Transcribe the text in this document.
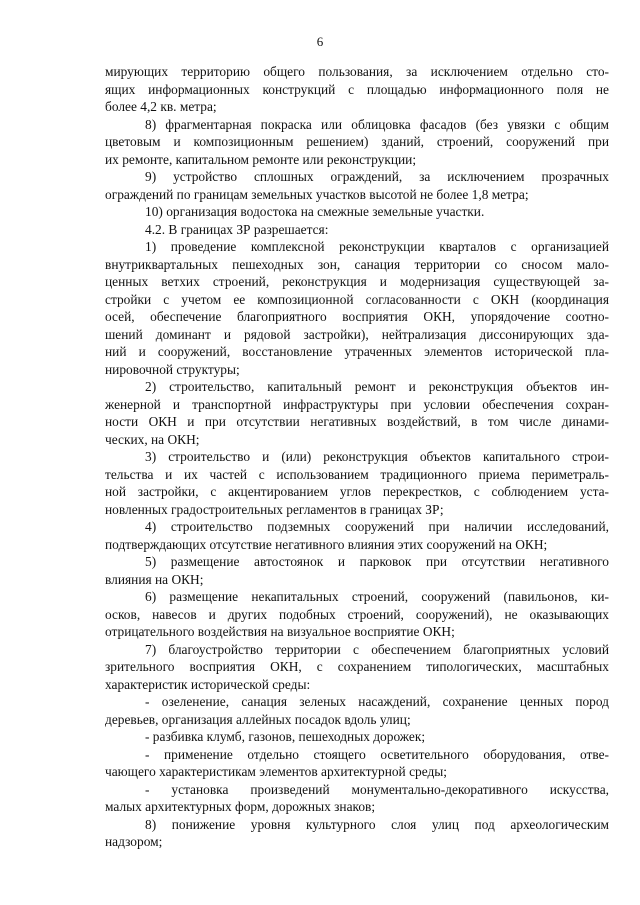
6

мирующих территорию общего пользования, за исключением отдельно сто-

ящих информационных конструкций с площадью информационного поля не

более 4,2 кв. метра;

8) фрагментарная покраска или облицовка фасадов (без увязки с общим

цветовым и композиционным решением) зданий, строений, сооружений при

их ремонте, капитальном ремонте или реконструкции;

9) устройство сплошных ограждений, за исключением прозрачных

ограждений по границам земельных участков высотой не более 1,8 метра;

10) организация водостока на смежные земельные участки.

4.2. В границах ЗР разрешается:

1) проведение комплексной реконструкции кварталов с организацией

внутриквартальных пешеходных зон, санация территории со сносом мало-

ценных ветхих строений, реконструкция и модернизация существующей за-

стройки с учетом ее композиционной согласованности с ОКН (координация

осей, обеспечение благоприятного восприятия ОКН, упорядочение соотно-

шений доминант и рядовой застройки), нейтрализация диссонирующих зда-

ний и сооружений, восстановление утраченных элементов исторической пла-

нировочной структуры;

2) строительство, капитальный ремонт и реконструкция объектов ин-

женерной и транспортной инфраструктуры при условии обеспечения сохран-

ности ОКН и при отсутствии негативных воздействий, в том числе динами-

ческих, на ОКН;

3) строительство и (или) реконструкция объектов капитального строи-

тельства и их частей с использованием традиционного приема периметраль-

ной застройки, с акцентированием углов перекрестков, с соблюдением уста-

новленных градостроительных регламентов в границах ЗР;

4) строительство подземных сооружений при наличии исследований,

подтверждающих отсутствие негативного влияния этих сооружений на ОКН;

5) размещение автостоянок и парковок при отсутствии негативного

влияния на ОКН;

6) размещение некапитальных строений, сооружений (павильонов, ки-

осков, навесов и других подобных строений, сооружений), не оказывающих

отрицательного воздействия на визуальное восприятие ОКН;

7) благоустройство территории с обеспечением благоприятных условий

зрительного восприятия ОКН, с сохранением типологических, масштабных

характеристик исторической среды:

- озеленение, санация зеленых насаждений, сохранение ценных пород

деревьев, организация аллейных посадок вдоль улиц;

- разбивка клумб, газонов, пешеходных дорожек;

- применение отдельно стоящего осветительного оборудования, отве-

чающего характеристикам элементов архитектурной среды;

- установка произведений монументально-декоративного искусства,

малых архитектурных форм, дорожных знаков;

8) понижение уровня культурного слоя улиц под археологическим

надзором;
